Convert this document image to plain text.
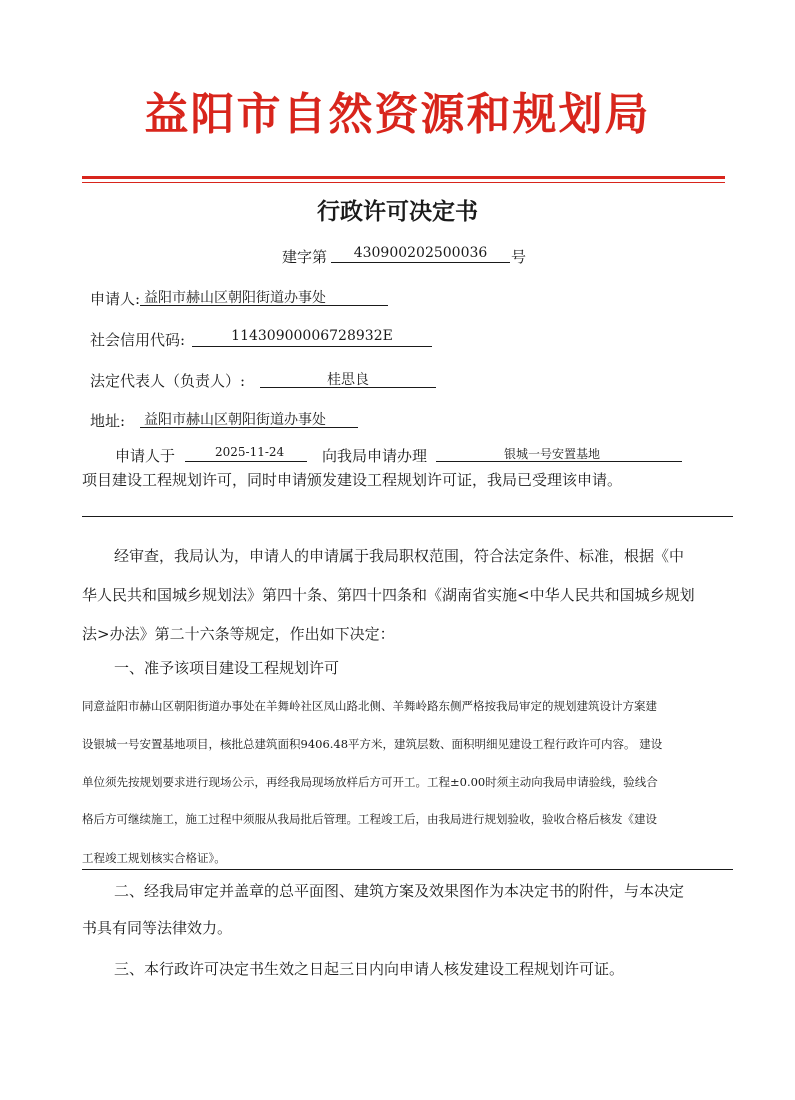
益阳市自然资源和规划局
行政许可决定书
建字第	430900202500036	号
申请人: 益阳市赫山区朝阳街道办事处
社会信用代码:	11430900006728932E
法定代表人（负责人）:	桂思良
地址: 益阳市赫山区朝阳街道办事处
申请人于	2025-11-24	向我局申请办理	银城一号安置基地
项目建设工程规划许可，同时申请颁发建设工程规划许可证，我局已受理该申请。
经审查，我局认为，申请人的申请属于我局职权范围，符合法定条件、标准，根据《中
华人民共和国城乡规划法》第四十条、第四十四条和《湖南省实施<中华人民共和国城乡规划
法>办法》第二十六条等规定，作出如下决定：
一、准予该项目建设工程规划许可
同意益阳市赫山区朝阳街道办事处在羊舞岭社区凤山路北侧、羊舞岭路东侧严格按我局审定的规划建筑设计方案建
设银城一号安置基地项目，核批总建筑面积9406.48平方米，建筑层数、面积明细见建设工程行政许可内容。 建设
单位须先按规划要求进行现场公示，再经我局现场放样后方可开工。工程±0.00时须主动向我局申请验线，验线合
格后方可继续施工，施工过程中须服从我局批后管理。工程竣工后，由我局进行规划验收，验收合格后核发《建设
工程竣工规划核实合格证》。
二、经我局审定并盖章的总平面图、建筑方案及效果图作为本决定书的附件，与本决定
书具有同等法律效力。
三、本行政许可决定书生效之日起三日内向申请人核发建设工程规划许可证。
